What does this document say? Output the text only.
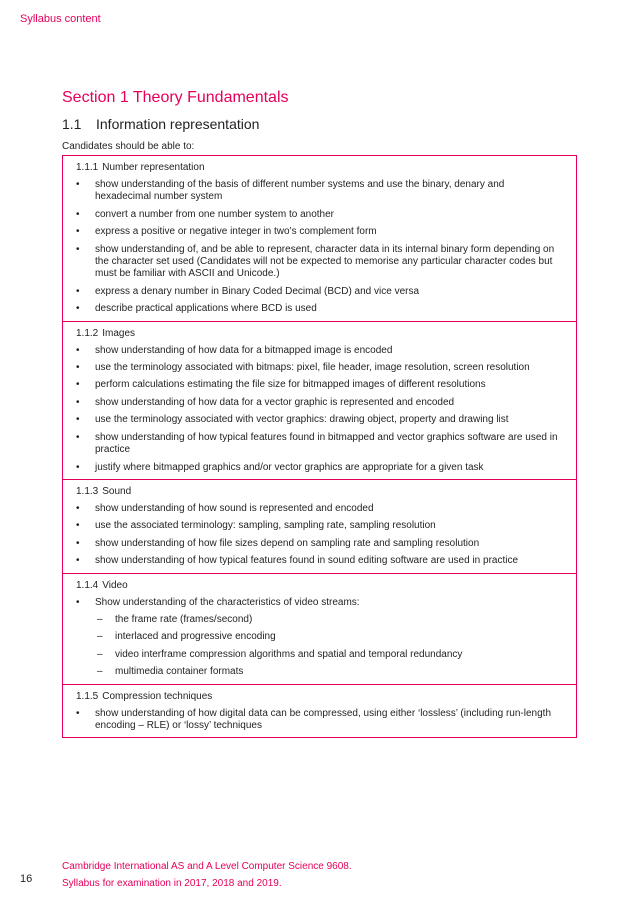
Syllabus content
Section 1 Theory Fundamentals
1.1 Information representation
Candidates should be able to:
1.1.1 Number representation
• show understanding of the basis of different number systems and use the binary, denary and hexadecimal number system
• convert a number from one number system to another
• express a positive or negative integer in two’s complement form
• show understanding of, and be able to represent, character data in its internal binary form depending on the character set used (Candidates will not be expected to memorise any particular character codes but must be familiar with ASCII and Unicode.)
• express a denary number in Binary Coded Decimal (BCD) and vice versa
• describe practical applications where BCD is used
1.1.2 Images
• show understanding of how data for a bitmapped image is encoded
• use the terminology associated with bitmaps: pixel, file header, image resolution, screen resolution
• perform calculations estimating the file size for bitmapped images of different resolutions
• show understanding of how data for a vector graphic is represented and encoded
• use the terminology associated with vector graphics: drawing object, property and drawing list
• show understanding of how typical features found in bitmapped and vector graphics software are used in practice
• justify where bitmapped graphics and/or vector graphics are appropriate for a given task
1.1.3 Sound
• show understanding of how sound is represented and encoded
• use the associated terminology: sampling, sampling rate, sampling resolution
• show understanding of how file sizes depend on sampling rate and sampling resolution
• show understanding of how typical features found in sound editing software are used in practice
1.1.4 Video
• Show understanding of the characteristics of video streams:
– the frame rate (frames/second)
– interlaced and progressive encoding
– video interframe compression algorithms and spatial and temporal redundancy
– multimedia container formats
1.1.5 Compression techniques
• show understanding of how digital data can be compressed, using either ‘lossless’ (including run-length encoding – RLE) or ‘lossy’ techniques
16
Cambridge International AS and A Level Computer Science 9608.
Syllabus for examination in 2017, 2018 and 2019.
